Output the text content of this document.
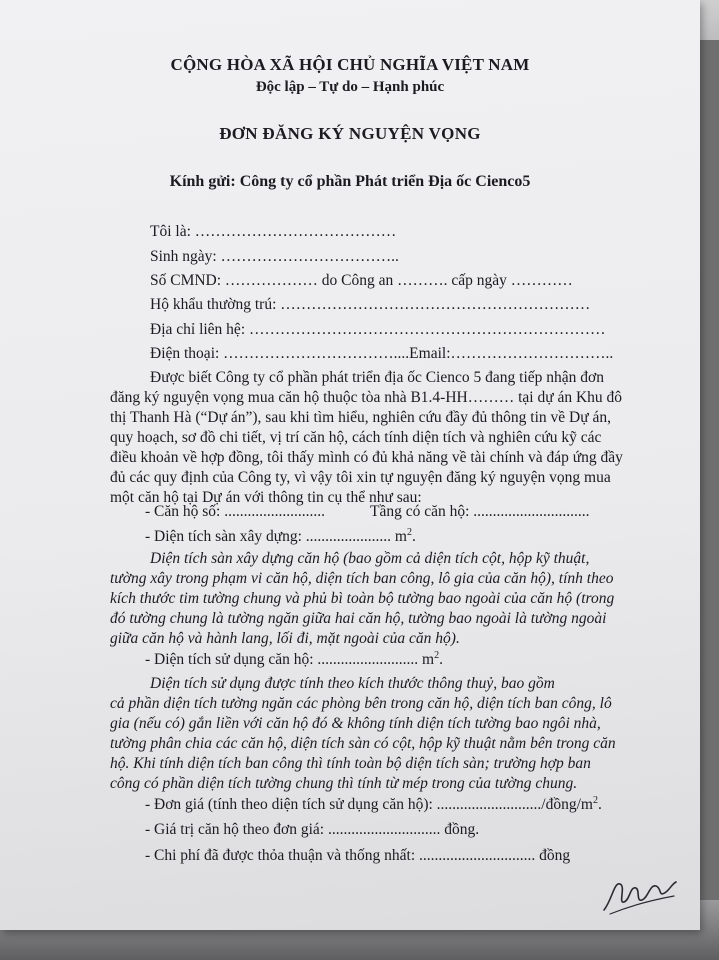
CỘNG HÒA XÃ HỘI CHỦ NGHĨA VIỆT NAM
Độc lập – Tự do – Hạnh phúc
ĐƠN ĐĂNG KÝ NGUYỆN VỌNG
Kính gửi: Công ty cổ phần Phát triển Địa ốc Cienco5
Tôi là: …………………………………
Sinh ngày: ……………………………..
Số CMND: ……………… do Công an ………. cấp ngày …………
Hộ khẩu thường trú: ……………………………………………………
Địa chỉ liên hệ: ……………………………………………………………
Điện thoại: ……………………………....Email:…………………………..
Được biết Công ty cổ phần phát triển địa ốc Cienco 5 đang tiếp nhận đơn
đăng ký nguyện vọng mua căn hộ thuộc tòa nhà B1.4-HH……… tại dự án Khu đô
thị Thanh Hà (“Dự án”), sau khi tìm hiểu, nghiên cứu đầy đủ thông tin về Dự án,
quy hoạch, sơ đồ chi tiết, vị trí căn hộ, cách tính diện tích và nghiên cứu kỹ các
điều khoản về hợp đồng, tôi thấy mình có đủ khả năng về tài chính và đáp ứng đầy
đủ các quy định của Công ty, vì vậy tôi xin tự nguyện đăng ký nguyện vọng mua
một căn hộ tại Dự án với thông tin cụ thể như sau:
- Căn hộ số: ..........................	Tầng có căn hộ: ..............................
- Diện tích sàn xây dựng: ...................... $m^2$.
Diện tích sàn xây dựng căn hộ (bao gồm cả diện tích cột, hộp kỹ thuật,
tường xây trong phạm vi căn hộ, diện tích ban công, lô gia của căn hộ), tính theo
kích thước tim tường chung và phủ bì toàn bộ tường bao ngoài của căn hộ (trong
đó tường chung là tường ngăn giữa hai căn hộ, tường bao ngoài là tường ngoài
giữa căn hộ và hành lang, lối đi, mặt ngoài của căn hộ).
- Diện tích sử dụng căn hộ: .......................... $m^2$.
Diện tích sử dụng được tính theo kích thước thông thuỷ, bao gồm
cả phần diện tích tường ngăn các phòng bên trong căn hộ, diện tích ban công, lô
gia (nếu có) gắn liền với căn hộ đó & không tính diện tích tường bao ngôi nhà,
tường phân chia các căn hộ, diện tích sàn có cột, hộp kỹ thuật nằm bên trong căn
hộ. Khi tính diện tích ban công thì tính toàn bộ diện tích sàn; trường hợp ban
công có phần diện tích tường chung thì tính từ mép trong của tường chung.
- Đơn giá (tính theo diện tích sử dụng căn hộ): $.........................../đồng/m^2$.
- Giá trị căn hộ theo đơn giá: ............................. đồng.
- Chi phí đã được thỏa thuận và thống nhất: .............................. đồng
